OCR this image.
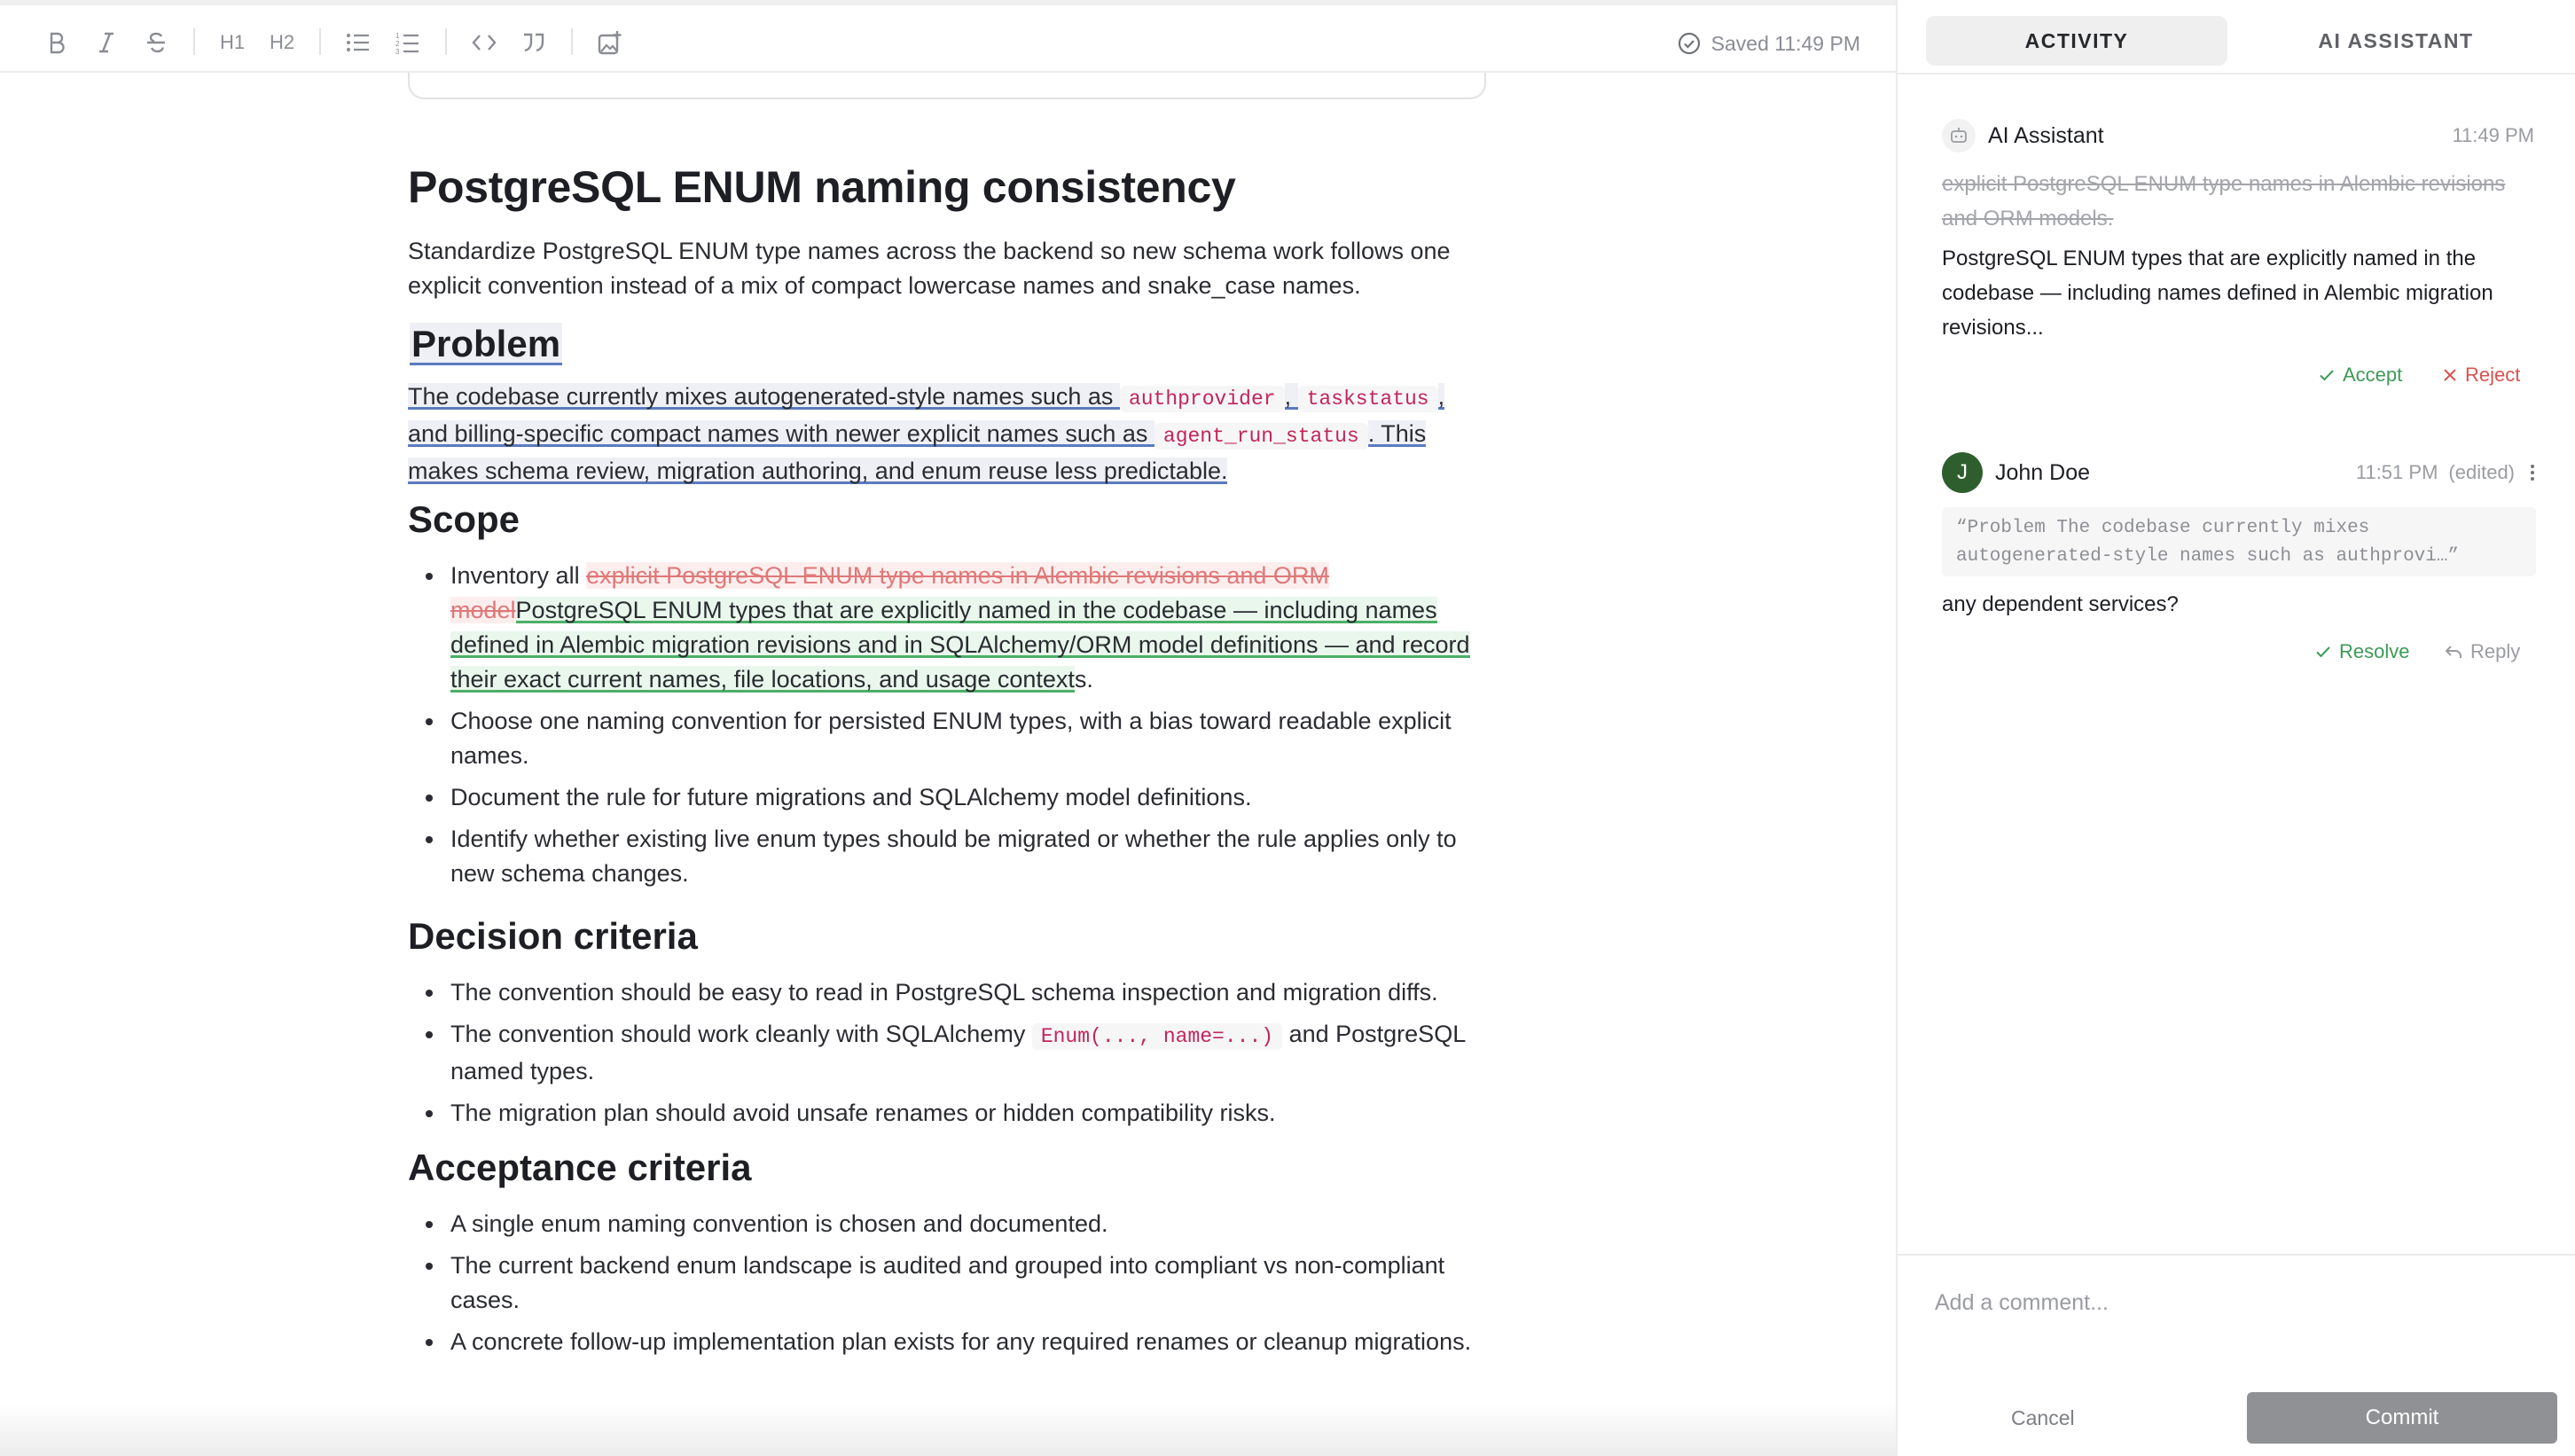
H1 H2	1
2
3	Saved 11:49 PM
PostgreSQL ENUM naming consistency

Standardize PostgreSQL ENUM type names across the backend so new schema work follows one explicit convention instead of a mix of compact lowercase names and snake_case names.

Problem

The codebase currently mixes autogenerated-style names such as authprovider , taskstatus , and billing-specific compact names with newer explicit names such as agent_run_status . This makes schema review, migration authoring, and enum reuse less predictable.

Scope
Inventory all explicit PostgreSQL ENUM type names in Alembic revisions and ORM modelPostgreSQL ENUM types that are explicitly named in the codebase — including names defined in Alembic migration revisions and in SQLAlchemy/ORM model definitions — and record their exact current names, file locations, and usage contexts.
Choose one naming convention for persisted ENUM types, with a bias toward readable explicit names.
Document the rule for future migrations and SQLAlchemy model definitions.
Identify whether existing live enum types should be migrated or whether the rule applies only to new schema changes.
Decision criteria
The convention should be easy to read in PostgreSQL schema inspection and migration diffs.
The convention should work cleanly with SQLAlchemy Enum(..., name=...) and PostgreSQL named types.
The migration plan should avoid unsafe renames or hidden compatibility risks.
Acceptance criteria
A single enum naming convention is chosen and documented.
The current backend enum landscape is audited and grouped into compliant vs non-compliant cases.
A concrete follow-up implementation plan exists for any required renames or cleanup migrations.
ACTIVITY	AI ASSISTANT
AI Assistant	11:49 PM

explicit PostgreSQL ENUM type names in Alembic revisions and ORM models.

PostgreSQL ENUM types that are explicitly named in the codebase — including names defined in Alembic migration revisions...

Accept	Reject
J	John Doe	11:51 PM (edited)
“Problem The codebase currently mixes autogenerated-style names such as authprovi…”

any dependent services?

Resolve	Reply
Add a comment...
Cancel	Commit
